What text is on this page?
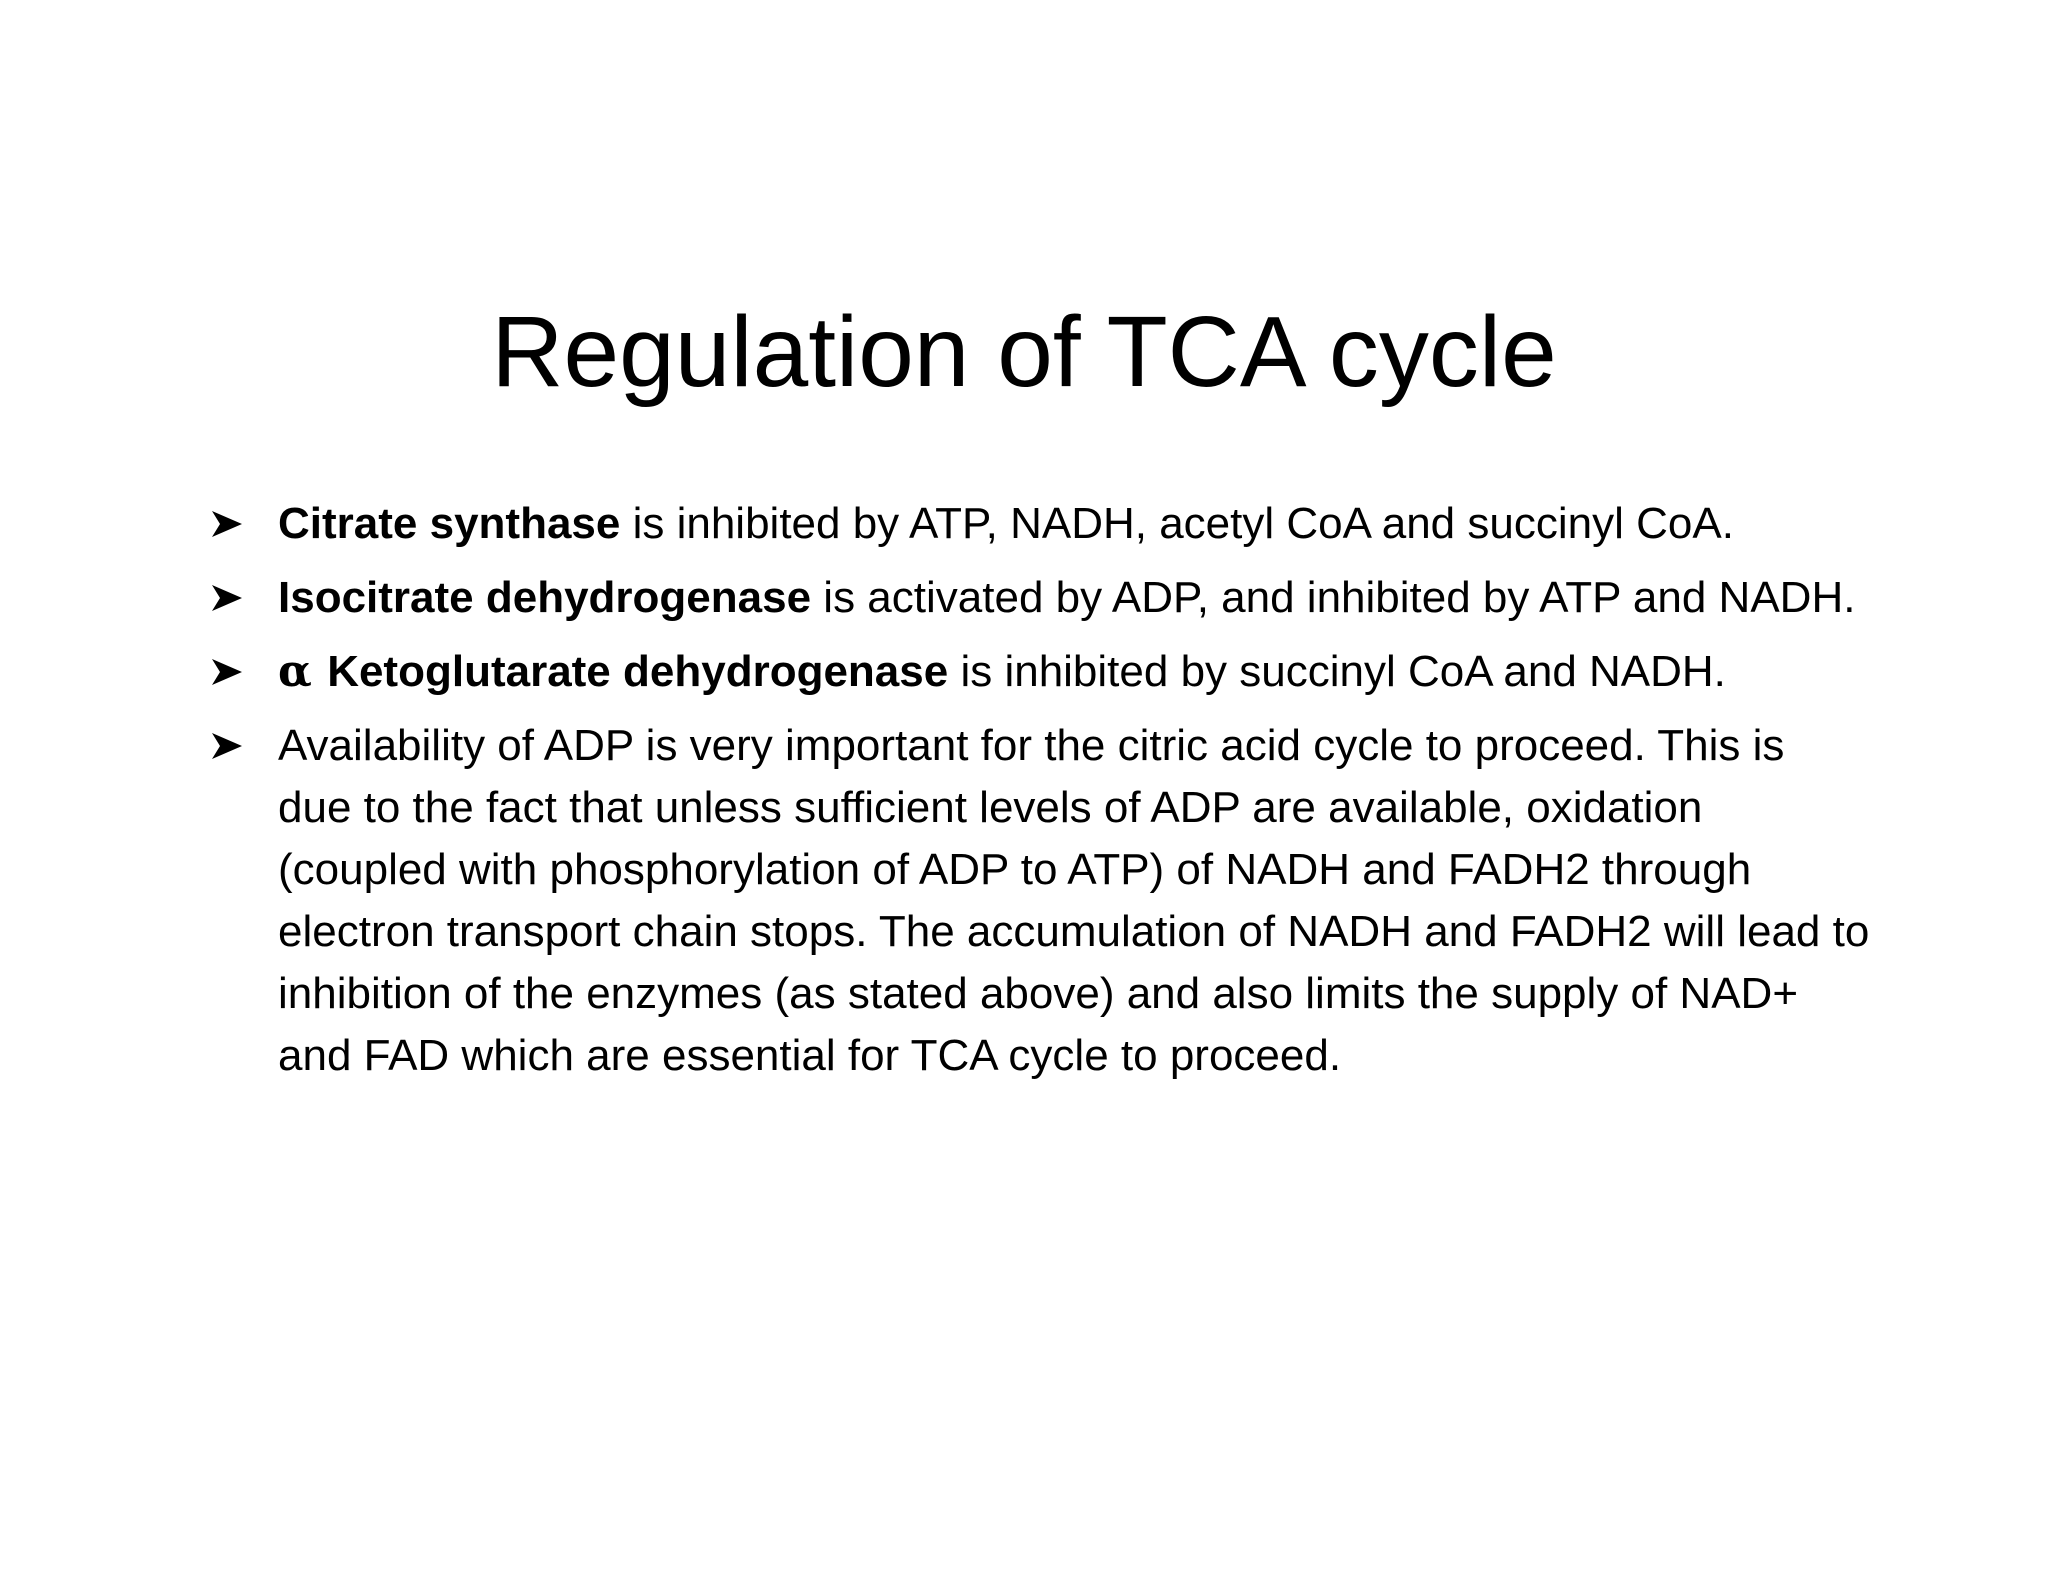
Regulation of TCA cycle
Citrate synthase is inhibited by ATP, NADH, acetyl CoA and succinyl CoA.
Isocitrate dehydrogenase is activated by ADP, and inhibited by ATP and NADH.
α Ketoglutarate dehydrogenase is inhibited by succinyl CoA and NADH.
Availability of ADP is very important for the citric acid cycle to proceed. This is due to the fact that unless sufficient levels of ADP are available, oxidation (coupled with phosphorylation of ADP to ATP) of NADH and FADH2 through electron transport chain stops. The accumulation of NADH and FADH2 will lead to inhibition of the enzymes (as stated above) and also limits the supply of NAD+ and FAD which are essential for TCA cycle to proceed.
